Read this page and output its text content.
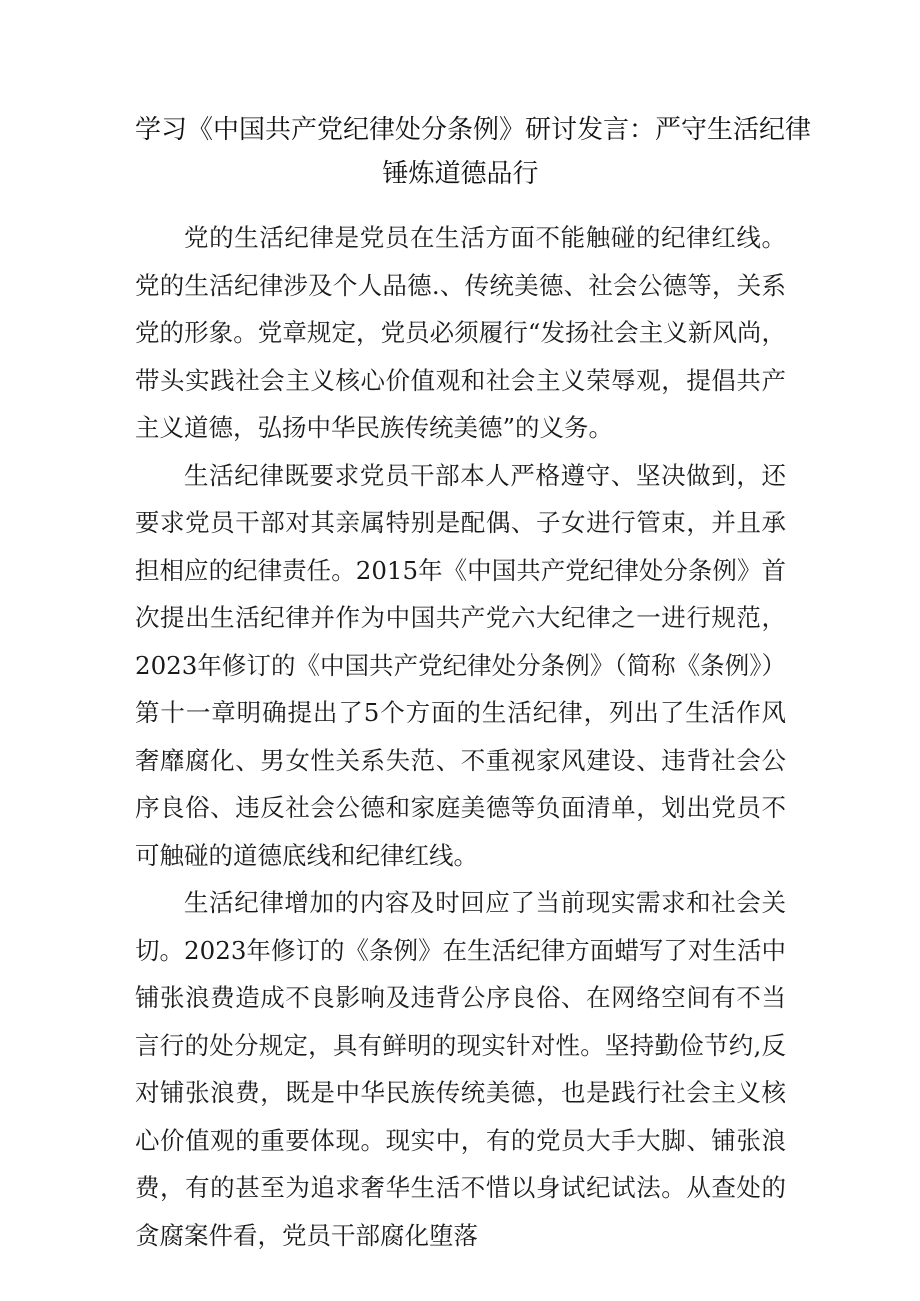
学习《中国共产党纪律处分条例》研讨发言：严守生活纪律
锤炼道德品行

党的生活纪律是党员在生活方面不能触碰的纪律红线。党的生活纪律涉及个人品德.、传统美德、社会公德等，关系党的形象。党章规定，党员必须履行“发扬社会主义新风尚，带头实践社会主义核心价值观和社会主义荣辱观，提倡共产主义道德，弘扬中华民族传统美德”的义务。

生活纪律既要求党员干部本人严格遵守、坚决做到，还要求党员干部对其亲属特别是配偶、子女进行管束，并且承担相应的纪律责任。2015年《中国共产党纪律处分条例》首次提出生活纪律并作为中国共产党六大纪律之一进行规范，2023年修订的《中国共产党纪律处分条例》（简称《条例》）第十一章明确提出了5个方面的生活纪律，列出了生活作风奢靡腐化、男女性关系失范、不重视家风建设、违背社会公序良俗、违反社会公德和家庭美德等负面清单，划出党员不可触碰的道德底线和纪律红线。

生活纪律增加的内容及时回应了当前现实需求和社会关切。2023年修订的《条例》在生活纪律方面蜡写了对生活中铺张浪费造成不良影响及违背公序良俗、在网络空间有不当言行的处分规定，具有鲜明的现实针对性。坚持勤俭节约,反对铺张浪费，既是中华民族传统美德，也是践行社会主义核心价值观的重要体现。现实中，有的党员大手大脚、铺张浪费，有的甚至为追求奢华生活不惜以身试纪试法。从查处的贪腐案件看，党员干部腐化堕落
